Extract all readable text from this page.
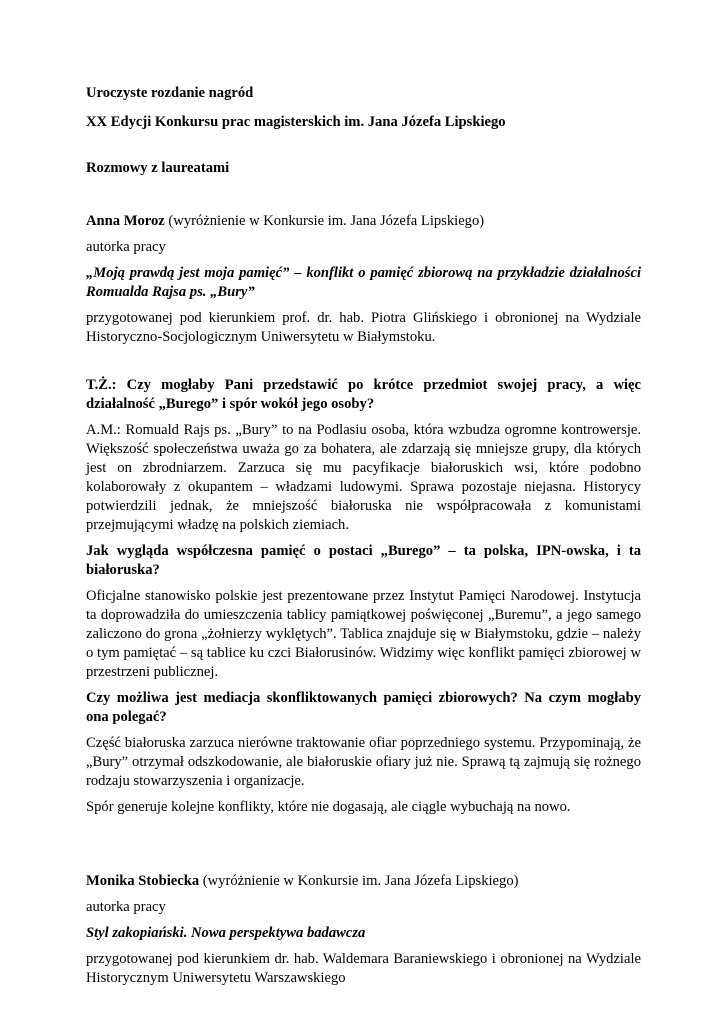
Uroczyste rozdanie nagród

XX Edycji Konkursu prac magisterskich im. Jana Józefa Lipskiego

Rozmowy z laureatami

Anna Moroz (wyróżnienie w Konkursie im. Jana Józefa Lipskiego)

autorka pracy

„Moją prawdą jest moja pamięć” – konflikt o pamięć zbiorową na przykładzie działalności Romualda Rajsa ps. „Bury”

przygotowanej pod kierunkiem prof. dr. hab. Piotra Glińskiego i obronionej na Wydziale Historyczno-Socjologicznym Uniwersytetu w Białymstoku.

T.Ż.: Czy mogłaby Pani przedstawić po krótce przedmiot swojej pracy, a więc działalność „Burego” i spór wokół jego osoby?

A.M.: Romuald Rajs ps. „Bury” to na Podlasiu osoba, która wzbudza ogromne kontrowersje. Większość społeczeństwa uważa go za bohatera, ale zdarzają się mniejsze grupy, dla których jest on zbrodniarzem. Zarzuca się mu pacyfikacje białoruskich wsi, które podobno kolaborowały z okupantem – władzami ludowymi. Sprawa pozostaje niejasna. Historycy potwierdzili jednak, że mniejszość białoruska nie współpracowała z komunistami przejmującymi władzę na polskich ziemiach.

Jak wygląda współczesna pamięć o postaci „Burego” – ta polska, IPN-owska, i ta białoruska?

Oficjalne stanowisko polskie jest prezentowane przez Instytut Pamięci Narodowej. Instytucja ta doprowadziła do umieszczenia tablicy pamiątkowej poświęconej „Buremu”, a jego samego zaliczono do grona „żołnierzy wyklętych”. Tablica znajduje się w Białymstoku, gdzie – należy o tym pamiętać – są tablice ku czci Białorusinów. Widzimy więc konflikt pamięci zbiorowej w przestrzeni publicznej.

Czy możliwa jest mediacja skonfliktowanych pamięci zbiorowych? Na czym mogłaby ona polegać?

Część białoruska zarzuca nierówne traktowanie ofiar poprzedniego systemu. Przypominają, że „Bury” otrzymał odszkodowanie, ale białoruskie ofiary już nie. Sprawą tą zajmują się rożnego rodzaju stowarzyszenia i organizacje.

Spór generuje kolejne konflikty, które nie dogasają, ale ciągle wybuchają na nowo.

Monika Stobiecka (wyróżnienie w Konkursie im. Jana Józefa Lipskiego)

autorka pracy

Styl zakopiański. Nowa perspektywa badawcza

przygotowanej pod kierunkiem dr. hab. Waldemara Baraniewskiego i obronionej na Wydziale Historycznym Uniwersytetu Warszawskiego
